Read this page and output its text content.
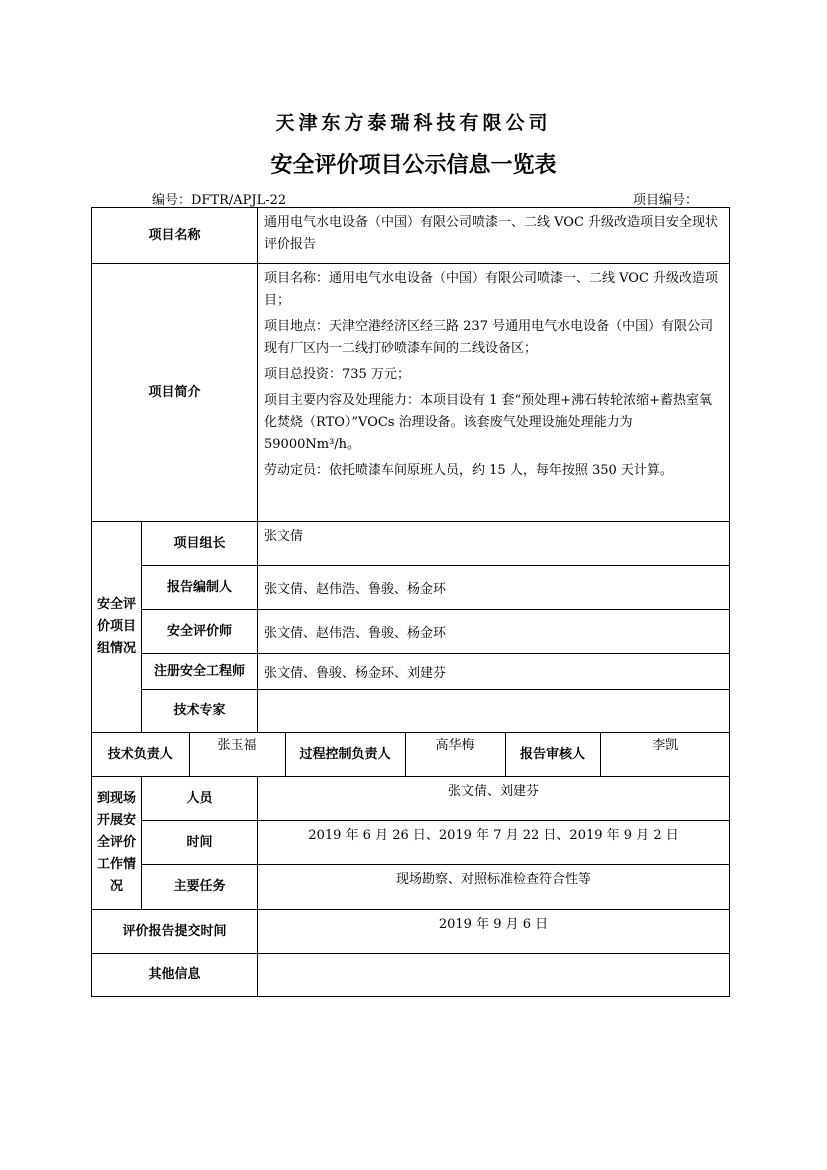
天津东方泰瑞科技有限公司
安全评价项目公示信息一览表
编号：DFTR/APJL-22	项目编号：
项目名称	通用电气水电设备（中国）有限公司喷漆一、二线 VOC 升级改造项目安全现状评价报告
项目简介	
项目名称：通用电气水电设备（中国）有限公司喷漆一、二线 VOC 升级改造项目；
项目地点：天津空港经济区经三路 237 号通用电气水电设备（中国）有限公司现有厂区内一二线打砂喷漆车间的二线设备区；
项目总投资：735 万元；
项目主要内容及处理能力：本项目设有 1 套“预处理+沸石转轮浓缩+蓄热室氧化焚烧（RTO）”VOCs 治理设备。该套废气处理设施处理能力为 59000Nm³/h。
劳动定员：依托喷漆车间原班人员，约 15 人，每年按照 350 天计算。

安全评价项目组情况	项目组长	张文倩
报告编制人	张文倩、赵伟浩、鲁骏、杨金环
安全评价师	张文倩、赵伟浩、鲁骏、杨金环
注册安全工程师	张文倩、鲁骏、杨金环、刘建芬
技术专家	

技术负责人	张玉福	过程控制负责人	高华梅	报告审核人	李凯

到现场开展安全评价工作情况	人员	张文倩、刘建芬
时间	2019 年 6 月 26 日、2019 年 7 月 22 日、2019 年 9 月 2 日
主要任务	现场勘察、对照标准检查符合性等
评价报告提交时间	2019 年 9 月 6 日
其他信息	
